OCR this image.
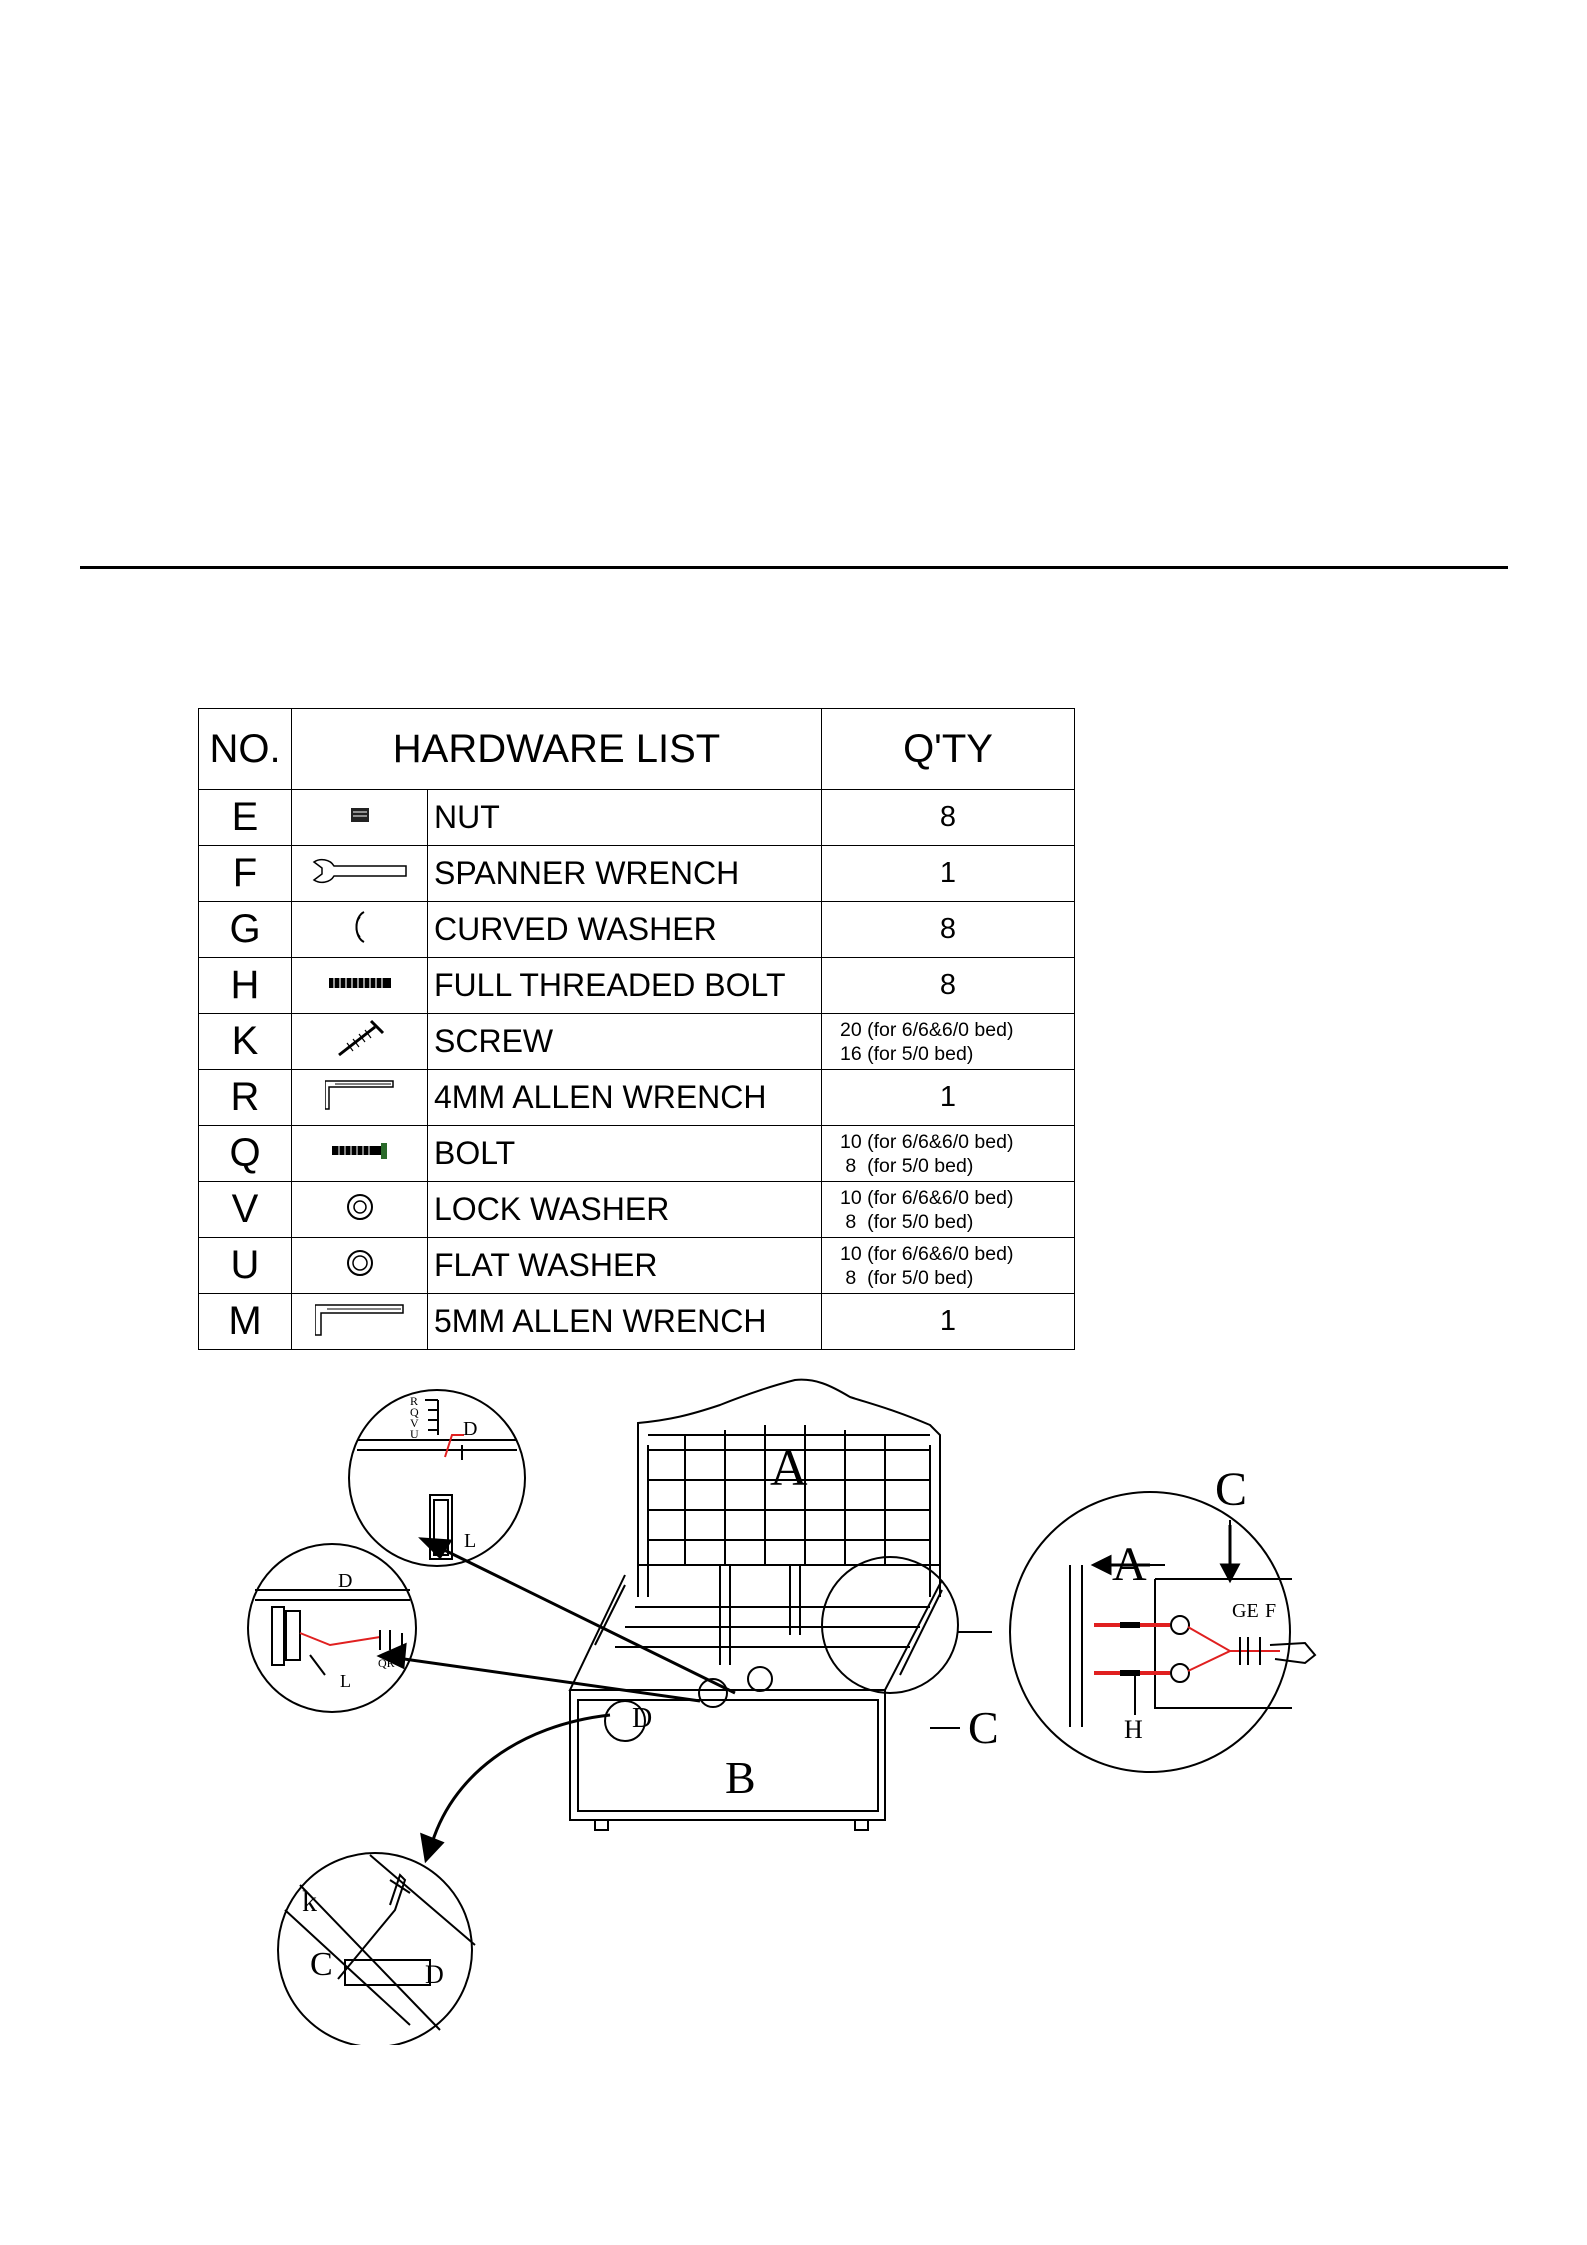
NO.	HARDWARE LIST		Q'TY
E		NUT	8
F		SPANNER WRENCH	1
G		CURVED WASHER	8
H		FULL THREADED BOLT	8
K		SCREW	20 (for 6/6&6/0 bed)
16 (for 5/0 bed)

R		4MM ALLEN WRENCH	1
Q		BOLT	10 (for 6/6&6/0 bed)
8  (for 5/0 bed)

V		LOCK WASHER	10 (for 6/6&6/0 bed)
8  (for 5/0 bed)

U		FLAT WASHER	10 (for 6/6&6/0 bed)
8  (for 5/0 bed)

M		5MM ALLEN WRENCH	1
A
B
C
D
A
C
H
GE F
D
L
k
C	D
R
Q
V
U
L
D
QR
